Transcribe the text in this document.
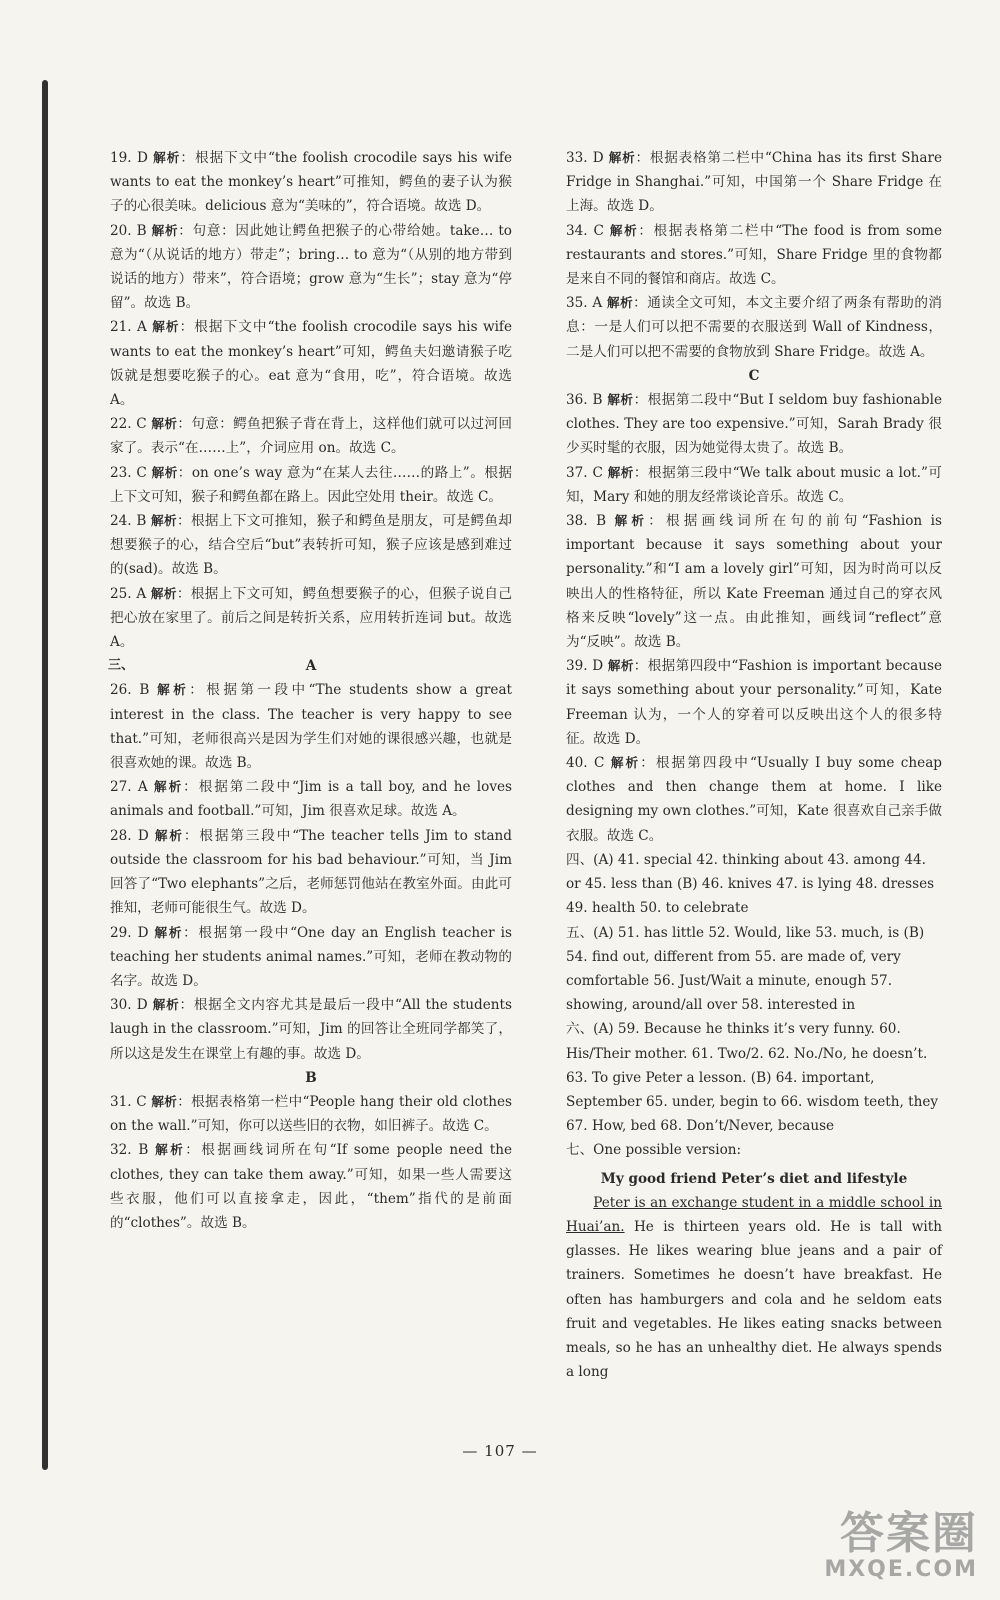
19. D 解析：根据下文中“the foolish crocodile says his wife wants to eat the monkey’s heart”可推知，鳄鱼的妻子认为猴子的心很美味。delicious 意为“美味的”，符合语境。故选 D。
20. B 解析：句意：因此她让鳄鱼把猴子的心带给她。take… to 意为“（从说话的地方）带走”；bring… to 意为“（从别的地方带到说话的地方）带来”，符合语境；grow 意为“生长”；stay 意为“停留”。故选 B。
21. A 解析：根据下文中“the foolish crocodile says his wife wants to eat the monkey’s heart”可知，鳄鱼夫妇邀请猴子吃饭就是想要吃猴子的心。eat 意为“食用，吃”，符合语境。故选 A。
22. C 解析：句意：鳄鱼把猴子背在背上，这样他们就可以过河回家了。表示“在……上”，介词应用 on。故选 C。
23. C 解析：on one’s way 意为“在某人去往……的路上”。根据上下文可知，猴子和鳄鱼都在路上。因此空处用 their。故选 C。
24. B 解析：根据上下文可推知，猴子和鳄鱼是朋友，可是鳄鱼却想要猴子的心，结合空后“but”表转折可知，猴子应该是感到难过的(sad)。故选 B。
25. A 解析：根据上下文可知，鳄鱼想要猴子的心，但猴子说自己把心放在家里了。前后之间是转折关系，应用转折连词 but。故选 A。
三、	A
26. B 解析：根据第一段中“The students show a great interest in the class. The teacher is very happy to see that.”可知，老师很高兴是因为学生们对她的课很感兴趣，也就是很喜欢她的课。故选 B。
27. A 解析：根据第二段中“Jim is a tall boy, and he loves animals and football.”可知，Jim 很喜欢足球。故选 A。
28. D 解析：根据第三段中“The teacher tells Jim to stand outside the classroom for his bad behaviour.”可知，当 Jim 回答了“Two elephants”之后，老师惩罚他站在教室外面。由此可推知，老师可能很生气。故选 D。
29. D 解析：根据第一段中“One day an English teacher is teaching her students animal names.”可知，老师在教动物的名字。故选 D。
30. D 解析：根据全文内容尤其是最后一段中“All the students laugh in the classroom.”可知，Jim 的回答让全班同学都笑了，所以这是发生在课堂上有趣的事。故选 D。
B
31. C 解析：根据表格第一栏中“People hang their old clothes on the wall.”可知，你可以送些旧的衣物，如旧裤子。故选 C。
32. B 解析：根据画线词所在句“If some people need the clothes, they can take them away.”可知，如果一些人需要这些衣服，他们可以直接拿走，因此，“them”指代的是前面的“clothes”。故选 B。
33. D 解析：根据表格第二栏中“China has its first Share Fridge in Shanghai.”可知，中国第一个 Share Fridge 在上海。故选 D。
34. C 解析：根据表格第二栏中“The food is from some restaurants and stores.”可知，Share Fridge 里的食物都是来自不同的餐馆和商店。故选 C。
35. A 解析：通读全文可知，本文主要介绍了两条有帮助的消息：一是人们可以把不需要的衣服送到 Wall of Kindness，二是人们可以把不需要的食物放到 Share Fridge。故选 A。
C
36. B 解析：根据第二段中“But I seldom buy fashionable clothes. They are too expensive.”可知，Sarah Brady 很少买时髦的衣服，因为她觉得太贵了。故选 B。
37. C 解析：根据第三段中“We talk about music a lot.”可知，Mary 和她的朋友经常谈论音乐。故选 C。
38. B 解析：根据画线词所在句的前句“Fashion is important because it says something about your personality.”和“I am a lovely girl”可知，因为时尚可以反映出人的性格特征，所以 Kate Freeman 通过自己的穿衣风格来反映“lovely”这一点。由此推知，画线词“reflect”意为“反映”。故选 B。
39. D 解析：根据第四段中“Fashion is important because it says something about your personality.”可知，Kate Freeman 认为，一个人的穿着可以反映出这个人的很多特征。故选 D。
40. C 解析：根据第四段中“Usually I buy some cheap clothes and then change them at home. I like designing my own clothes.”可知，Kate 很喜欢自己亲手做衣服。故选 C。
四、(A) 41. special 42. thinking about 43. among 44. or 45. less than (B) 46. knives 47. is lying 48. dresses 49. health 50. to celebrate
五、(A) 51. has little 52. Would, like 53. much, is (B) 54. find out, different from 55. are made of, very comfortable 56. Just/Wait a minute, enough 57. showing, around/all over 58. interested in
六、(A) 59. Because he thinks it’s very funny. 60. His/Their mother. 61. Two/2. 62. No./No, he doesn’t. 63. To give Peter a lesson. (B) 64. important, September 65. under, begin to 66. wisdom teeth, they 67. How, bed 68. Don’t/Never, because
七、One possible version:
My good friend Peter’s diet and lifestyle

Peter is an exchange student in a middle school in Huai’an. He is thirteen years old. He is tall with glasses. He likes wearing blue jeans and a pair of trainers. Sometimes he doesn’t have breakfast. He often has hamburgers and cola and he seldom eats fruit and vegetables. He likes eating snacks between meals, so he has an unhealthy diet. He always spends a long

— 107 —
答案圈
MXQE.COM
